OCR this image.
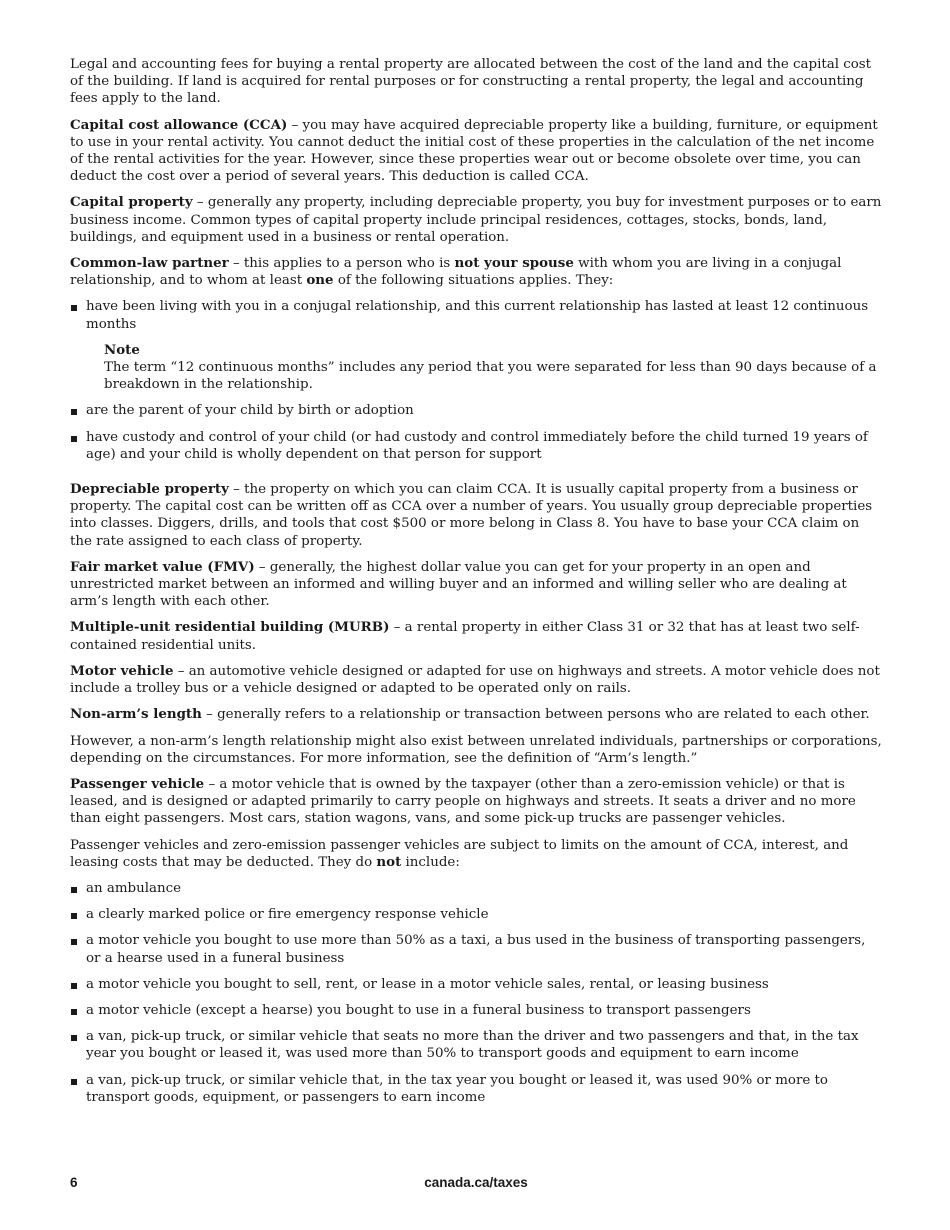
Legal and accounting fees for buying a rental property are allocated between the cost of the land and the capital cost of the building. If land is acquired for rental purposes or for constructing a rental property, the legal and accounting fees apply to the land.

Capital cost allowance (CCA) – you may have acquired depreciable property like a building, furniture, or equipment to use in your rental activity. You cannot deduct the initial cost of these properties in the calculation of the net income of the rental activities for the year. However, since these properties wear out or become obsolete over time, you can deduct the cost over a period of several years. This deduction is called CCA.

Capital property – generally any property, including depreciable property, you buy for investment purposes or to earn business income. Common types of capital property include principal residences, cottages, stocks, bonds, land, buildings, and equipment used in a business or rental operation.

Common-law partner – this applies to a person who is not your spouse with whom you are living in a conjugal relationship, and to whom at least one of the following situations applies. They:

have been living with you in a conjugal relationship, and this current relationship has lasted at least 12 continuous months
Note
The term “12 continuous months” includes any period that you were separated for less than 90 days because of a breakdown in the relationship.
are the parent of your child by birth or adoption
have custody and control of your child (or had custody and control immediately before the child turned 19 years of age) and your child is wholly dependent on that person for support

Depreciable property – the property on which you can claim CCA. It is usually capital property from a business or property. The capital cost can be written off as CCA over a number of years. You usually group depreciable properties into classes. Diggers, drills, and tools that cost $500 or more belong in Class 8. You have to base your CCA claim on the rate assigned to each class of property.

Fair market value (FMV) – generally, the highest dollar value you can get for your property in an open and unrestricted market between an informed and willing buyer and an informed and willing seller who are dealing at arm’s length with each other.

Multiple-unit residential building (MURB) – a rental property in either Class 31 or 32 that has at least two self-contained residential units.

Motor vehicle – an automotive vehicle designed or adapted for use on highways and streets. A motor vehicle does not include a trolley bus or a vehicle designed or adapted to be operated only on rails.

Non-arm’s length – generally refers to a relationship or transaction between persons who are related to each other.

However, a non-arm’s length relationship might also exist between unrelated individuals, partnerships or corporations, depending on the circumstances. For more information, see the definition of “Arm’s length.”

Passenger vehicle – a motor vehicle that is owned by the taxpayer (other than a zero-emission vehicle) or that is leased, and is designed or adapted primarily to carry people on highways and streets. It seats a driver and no more than eight passengers. Most cars, station wagons, vans, and some pick-up trucks are passenger vehicles.

Passenger vehicles and zero-emission passenger vehicles are subject to limits on the amount of CCA, interest, and leasing costs that may be deducted. They do not include:

an ambulance
a clearly marked police or fire emergency response vehicle
a motor vehicle you bought to use more than 50% as a taxi, a bus used in the business of transporting passengers, or a hearse used in a funeral business
a motor vehicle you bought to sell, rent, or lease in a motor vehicle sales, rental, or leasing business
a motor vehicle (except a hearse) you bought to use in a funeral business to transport passengers
a van, pick-up truck, or similar vehicle that seats no more than the driver and two passengers and that, in the tax year you bought or leased it, was used more than 50% to transport goods and equipment to earn income
a van, pick-up truck, or similar vehicle that, in the tax year you bought or leased it, was used 90% or more to transport goods, equipment, or passengers to earn income
6	canada.ca/taxes
